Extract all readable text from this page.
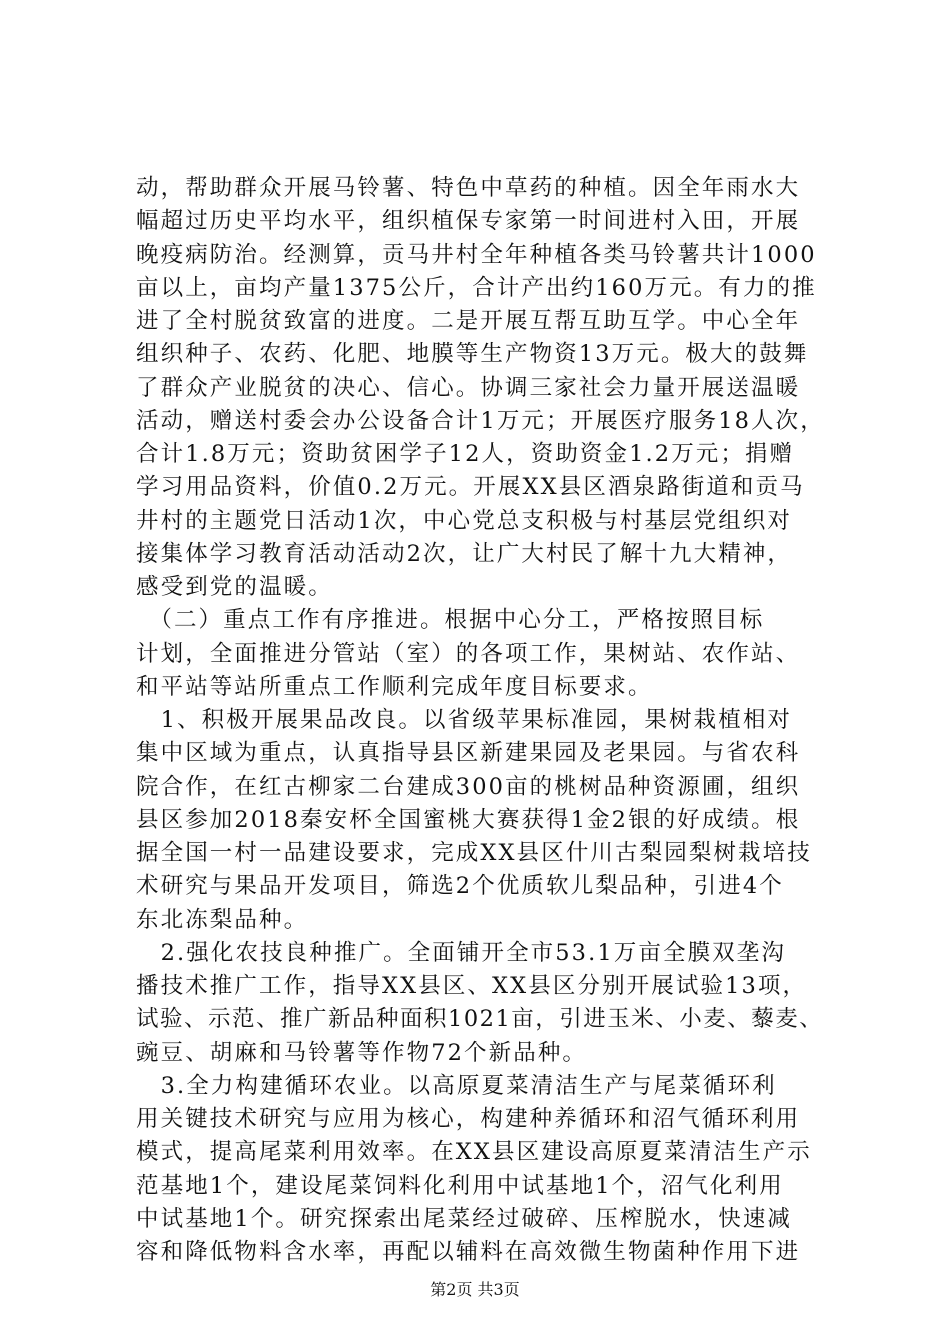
动，帮助群众开展马铃薯、特色中草药的种植。因全年雨水大
幅超过历史平均水平，组织植保专家第一时间进村入田，开展
晚疫病防治。经测算，贡马井村全年种植各类马铃薯共计1000
亩以上，亩均产量1375公斤，合计产出约160万元。有力的推
进了全村脱贫致富的进度。二是开展互帮互助互学。中心全年
组织种子、农药、化肥、地膜等生产物资13万元。极大的鼓舞
了群众产业脱贫的决心、信心。协调三家社会力量开展送温暖
活动，赠送村委会办公设备合计1万元；开展医疗服务18人次，
合计1.8万元；资助贫困学子12人，资助资金1.2万元；捐赠
学习用品资料，价值0.2万元。开展XX县区酒泉路街道和贡马
井村的主题党日活动1次，中心党总支积极与村基层党组织对
接集体学习教育活动活动2次，让广大村民了解十九大精神，
感受到党的温暖。
　（二）重点工作有序推进。根据中心分工，严格按照目标
计划，全面推进分管站（室）的各项工作，果树站、农作站、
和平站等站所重点工作顺利完成年度目标要求。
　1、积极开展果品改良。以省级苹果标准园，果树栽植相对
集中区域为重点，认真指导县区新建果园及老果园。与省农科
院合作，在红古柳家二台建成300亩的桃树品种资源圃，组织
县区参加2018秦安杯全国蜜桃大赛获得1金2银的好成绩。根
据全国一村一品建设要求，完成XX县区什川古梨园梨树栽培技
术研究与果品开发项目，筛选2个优质软儿梨品种，引进4个
东北冻梨品种。
　2.强化农技良种推广。全面铺开全市53.1万亩全膜双垄沟
播技术推广工作，指导XX县区、XX县区分别开展试验13项，
试验、示范、推广新品种面积1021亩，引进玉米、小麦、藜麦、
豌豆、胡麻和马铃薯等作物72个新品种。
　3.全力构建循环农业。以高原夏菜清洁生产与尾菜循环利
用关键技术研究与应用为核心，构建种养循环和沼气循环利用
模式，提高尾菜利用效率。在XX县区建设高原夏菜清洁生产示
范基地1个，建设尾菜饲料化利用中试基地1个，沼气化利用
中试基地1个。研究探索出尾菜经过破碎、压榨脱水，快速减
容和降低物料含水率，再配以辅料在高效微生物菌种作用下进
第2页 共3页
